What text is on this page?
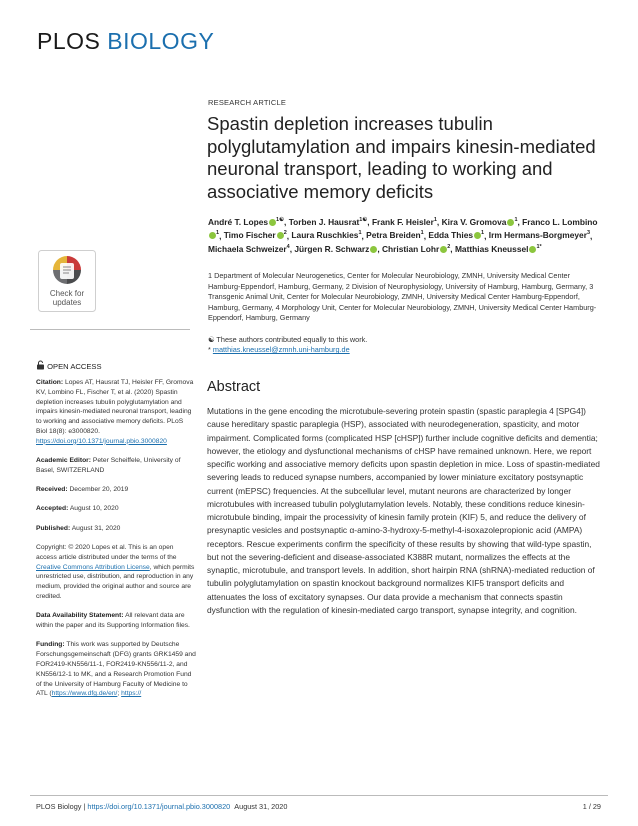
PLOS BIOLOGY
RESEARCH ARTICLE
Spastin depletion increases tubulin polyglutamylation and impairs kinesin-mediated neuronal transport, leading to working and associative memory deficits
André T. Lopes $^{1☯}$, Torben J. Hausrat$^{1☯}$, Frank F. Heisler$^1$, Kira V. Gromova $^1$, Franco L. Lombino$^1$, Timo Fischer $^2$, Laura Ruschkies$^1$, Petra Breiden$^1$, Edda Thies $^1$, Irm Hermans-Borgmeyer$^3$, Michaela Schweizer$^4$, Jürgen R. Schwarz , Christian Lohr $^2$, Matthias Kneussel $^{1*}$
1 Department of Molecular Neurogenetics, Center for Molecular Neurobiology, ZMNH, University Medical Center Hamburg-Eppendorf, Hamburg, Germany, 2 Division of Neurophysiology, University of Hamburg, Hamburg, Germany, 3 Transgenic Animal Unit, Center for Molecular Neurobiology, ZMNH, University Medical Center Hamburg-Eppendorf, Hamburg, Germany, 4 Morphology Unit, Center for Molecular Neurobiology, ZMNH, University Medical Center Hamburg-Eppendorf, Hamburg, Germany
☯ These authors contributed equally to this work.
* matthias.kneussel@zmnh.uni-hamburg.de
Check for
updates
OPEN ACCESS

Citation: Lopes AT, Hausrat TJ, Heisler FF, Gromova KV, Lombino FL, Fischer T, et al. (2020) Spastin depletion increases tubulin polyglutamylation and impairs kinesin-mediated neuronal transport, leading to working and associative memory deficits. PLoS Biol 18(8): e3000820. https://doi.org/10.1371/journal.pbio.3000820

Academic Editor: Peter Scheiffele, University of Basel, SWITZERLAND

Received: December 20, 2019

Accepted: August 10, 2020

Published: August 31, 2020

Copyright: © 2020 Lopes et al. This is an open access article distributed under the terms of the Creative Commons Attribution License, which permits unrestricted use, distribution, and reproduction in any medium, provided the original author and source are credited.

Data Availability Statement: All relevant data are within the paper and its Supporting Information files.

Funding: This work was supported by Deutsche Forschungsgemeinschaft (DFG) grants GRK1459 and FOR2419-KN556/11-1, FOR2419-KN556/11-2, and KN556/12-1 to MK, and a Research Promotion Fund of the University of Hamburg Faculty of Medicine to ATL (https://www.dfg.de/en/; https://

Abstract
Mutations in the gene encoding the microtubule-severing protein spastin (spastic paraplegia 4 [SPG4]) cause hereditary spastic paraplegia (HSP), associated with neurodegeneration, spasticity, and motor impairment. Complicated forms (complicated HSP [cHSP]) further include cognitive deficits and dementia; however, the etiology and dysfunctional mechanisms of cHSP have remained unknown. Here, we report specific working and associative memory deficits upon spastin depletion in mice. Loss of spastin-mediated severing leads to reduced synapse numbers, accompanied by lower miniature excitatory postsynaptic current (mEPSC) frequencies. At the subcellular level, mutant neurons are characterized by longer microtubules with increased tubulin polyglutamylation levels. Notably, these conditions reduce kinesin-microtubule binding, impair the processivity of kinesin family protein (KIF) 5, and reduce the delivery of presynaptic vesicles and postsynaptic α-amino-3-hydroxy-5-methyl-4-isoxazolepropionic acid (AMPA) receptors. Rescue experiments confirm the specificity of these results by showing that wild-type spastin, but not the severing-deficient and disease-associated K388R mutant, normalizes the effects at the synaptic, microtubule, and transport levels. In addition, short hairpin RNA (shRNA)-mediated reduction of tubulin polyglutamylation on spastin knockout background normalizes KIF5 transport deficits and attenuates the loss of excitatory synapses. Our data provide a mechanism that connects spastin dysfunction with the regulation of kinesin-mediated cargo transport, synapse integrity, and cognition.
PLOS Biology | https://doi.org/10.1371/journal.pbio.3000820 August 31, 2020	1 / 29
